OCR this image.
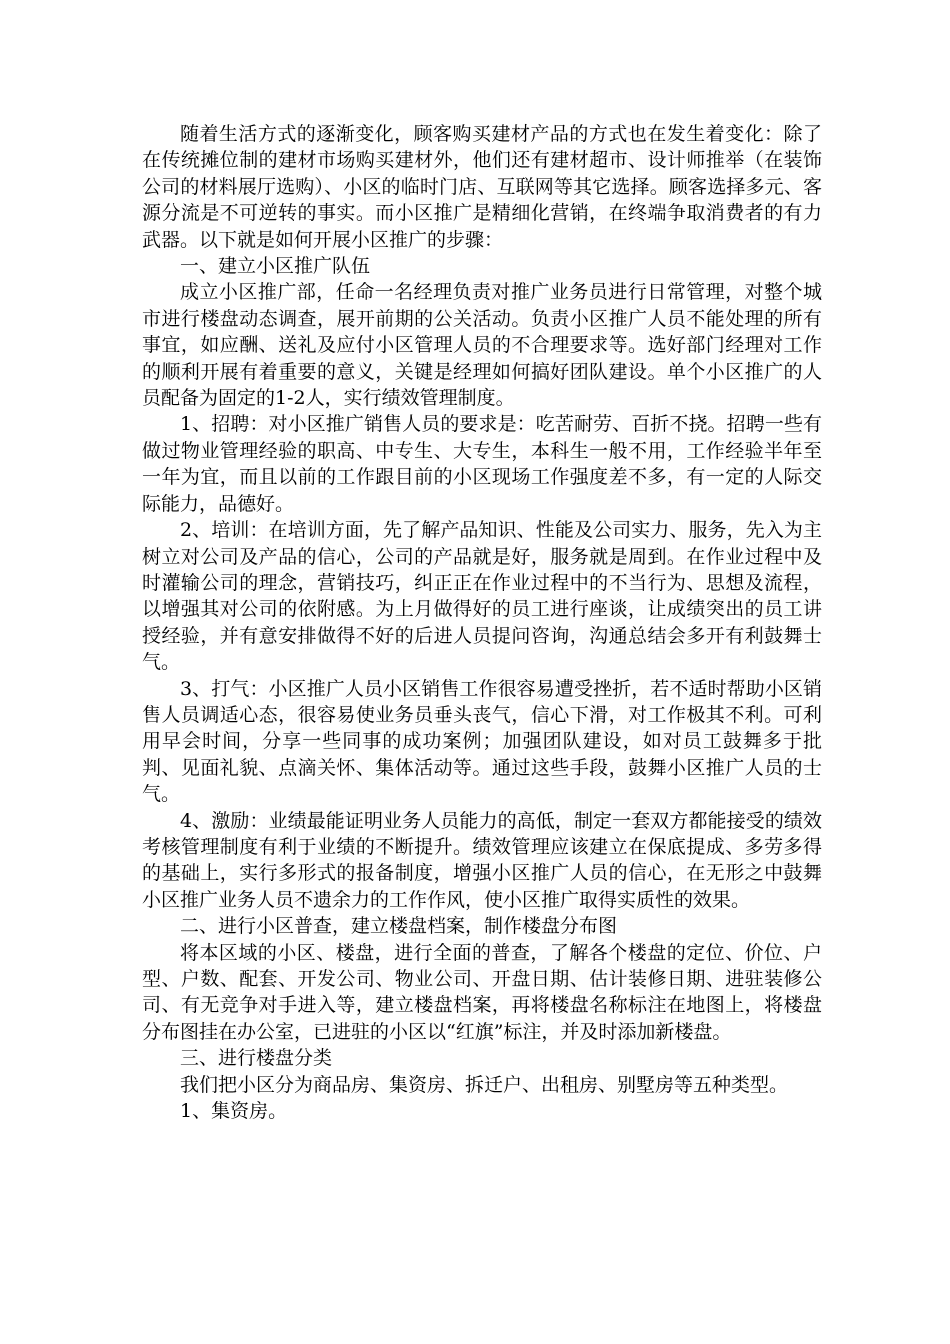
随着生活方式的逐渐变化，顾客购买建材产品的方式也在发生着变化：除了在传统摊位制的建材市场购买建材外，他们还有建材超市、设计师推举（在装饰公司的材料展厅选购）、小区的临时门店、互联网等其它选择。顾客选择多元、客源分流是不可逆转的事实。而小区推广是精细化营销，在终端争取消费者的有力武器。以下就是如何开展小区推广的步骤：

一、建立小区推广队伍

成立小区推广部，任命一名经理负责对推广业务员进行日常管理，对整个城市进行楼盘动态调查，展开前期的公关活动。负责小区推广人员不能处理的所有事宜，如应酬、送礼及应付小区管理人员的不合理要求等。选好部门经理对工作的顺利开展有着重要的意义，关键是经理如何搞好团队建设。单个小区推广的人员配备为固定的1-2人，实行绩效管理制度。

1、招聘：对小区推广销售人员的要求是：吃苦耐劳、百折不挠。招聘一些有做过物业管理经验的职高、中专生、大专生，本科生一般不用，工作经验半年至一年为宜，而且以前的工作跟目前的小区现场工作强度差不多，有一定的人际交际能力，品德好。

2、培训：在培训方面，先了解产品知识、性能及公司实力、服务，先入为主树立对公司及产品的信心，公司的产品就是好，服务就是周到。在作业过程中及时灌输公司的理念，营销技巧，纠正正在作业过程中的不当行为、思想及流程，以增强其对公司的依附感。为上月做得好的员工进行座谈，让成绩突出的员工讲授经验，并有意安排做得不好的后进人员提问咨询，沟通总结会多开有利鼓舞士气。

3、打气：小区推广人员小区销售工作很容易遭受挫折，若不适时帮助小区销售人员调适心态，很容易使业务员垂头丧气，信心下滑，对工作极其不利。可利用早会时间，分享一些同事的成功案例；加强团队建设，如对员工鼓舞多于批判、见面礼貌、点滴关怀、集体活动等。通过这些手段，鼓舞小区推广人员的士气。

4、激励：业绩最能证明业务人员能力的高低，制定一套双方都能接受的绩效考核管理制度有利于业绩的不断提升。绩效管理应该建立在保底提成、多劳多得的基础上，实行多形式的报备制度，增强小区推广人员的信心，在无形之中鼓舞小区推广业务人员不遗余力的工作作风，使小区推广取得实质性的效果。

二、进行小区普查，建立楼盘档案，制作楼盘分布图

将本区域的小区、楼盘，进行全面的普查，了解各个楼盘的定位、价位、户型、户数、配套、开发公司、物业公司、开盘日期、估计装修日期、进驻装修公司、有无竞争对手进入等，建立楼盘档案，再将楼盘名称标注在地图上，将楼盘分布图挂在办公室，已进驻的小区以“红旗”标注，并及时添加新楼盘。

三、进行楼盘分类

我们把小区分为商品房、集资房、拆迁户、出租房、别墅房等五种类型。

1、集资房。
